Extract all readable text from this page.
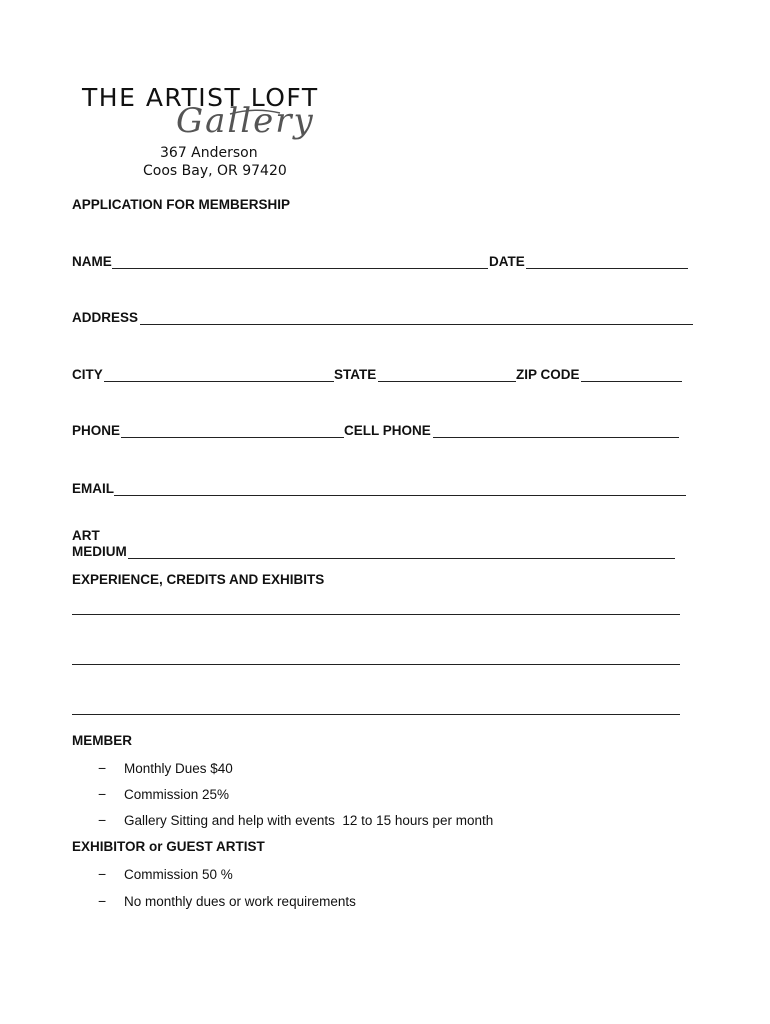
THE ARTIST LOFT
Gallery
367 Anderson
Coos Bay, OR 97420
APPLICATION FOR MEMBERSHIP
NAME	DATE
ADDRESS
CITY	STATE	ZIP CODE
PHONE	CELL PHONE
EMAIL
ART
MEDIUM
EXPERIENCE, CREDITS AND EXHIBITS
MEMBER
− Monthly Dues $40
− Commission 25%
− Gallery Sitting and help with events  12 to 15 hours per month
EXHIBITOR or GUEST ARTIST
− Commission 50 %
− No monthly dues or work requirements
